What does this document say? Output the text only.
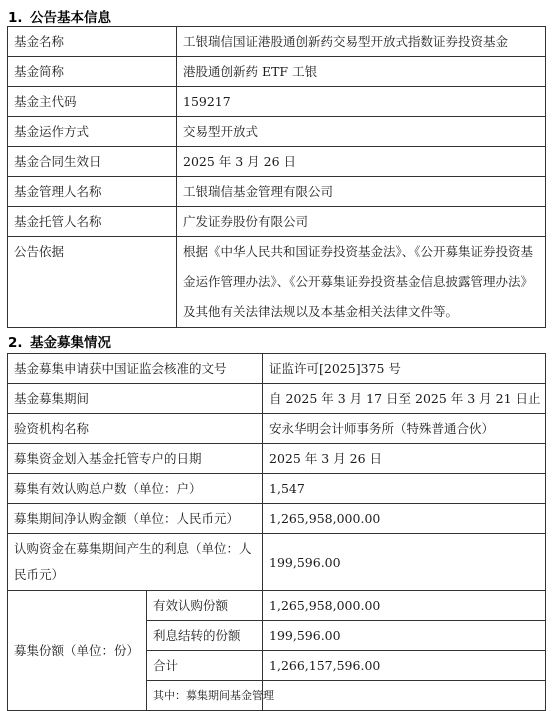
1. 公告基本信息
基金名称	工银瑞信国证港股通创新药交易型开放式指数证券投资基金
基金简称	港股通创新药 ETF 工银
基金主代码	159217
基金运作方式	交易型开放式
基金合同生效日	2025 年 3 月 26 日
基金管理人名称	工银瑞信基金管理有限公司
基金托管人名称	广发证券股份有限公司
公告依据	根据《中华人民共和国证券投资基金法》、《公开募集证券投资基金运作管理办法》、《公开募集证券投资基金信息披露管理办法》及其他有关法律法规以及本基金相关法律文件等。
2. 基金募集情况
基金募集申请获中国证监会核准的文号		证监许可[2025]375 号
基金募集期间		自 2025 年 3 月 17 日至 2025 年 3 月 21 日止
验资机构名称		安永华明会计师事务所（特殊普通合伙）
募集资金划入基金托管专户的日期		2025 年 3 月 26 日
募集有效认购总户数（单位：户）		1,547
募集期间净认购金额（单位：人民币元）		1,265,958,000.00
认购资金在募集期间产生的利息（单位：人民币元）		199,596.00
募集份额（单位：份）	有效认购份额	1,265,958,000.00
	利息结转的份额	199,596.00
	合计	1,266,157,596.00
	其中：募集期间基金管理	
